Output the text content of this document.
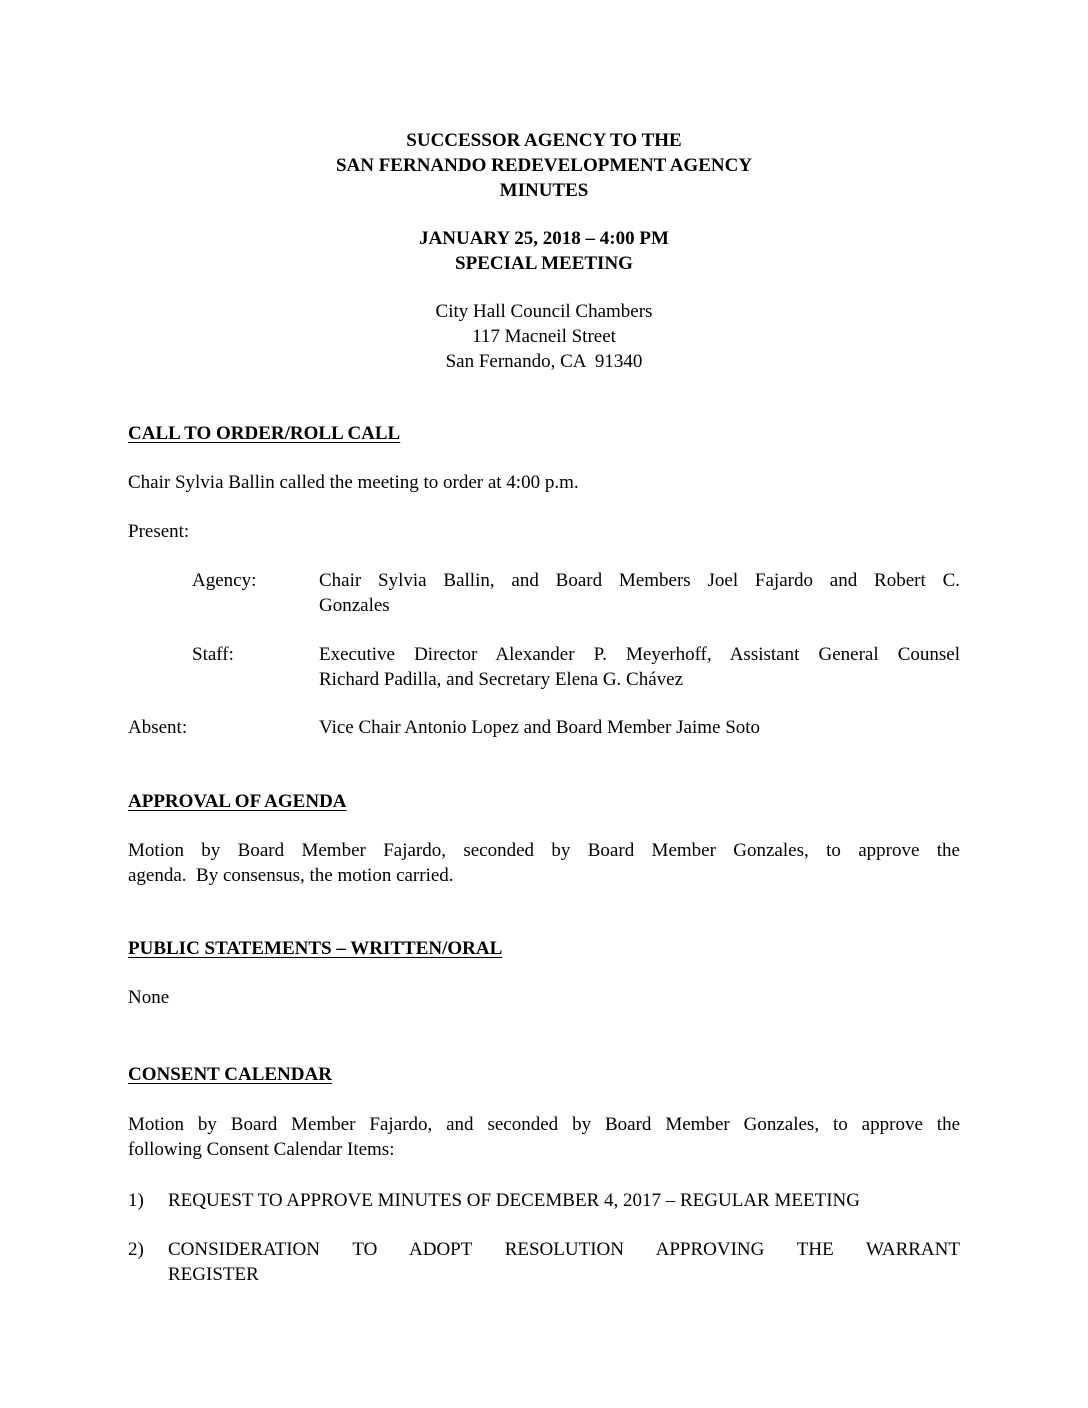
SUCCESSOR AGENCY TO THE
SAN FERNANDO REDEVELOPMENT AGENCY
MINUTES
JANUARY 25, 2018 – 4:00 PM
SPECIAL MEETING
City Hall Council Chambers
117 Macneil Street
San Fernando, CA  91340
CALL TO ORDER/ROLL CALL
Chair Sylvia Ballin called the meeting to order at 4:00 p.m.
Present:
Agency:	Chair Sylvia Ballin, and Board Members Joel Fajardo and Robert C.
Gonzales
Staff:	Executive Director Alexander P. Meyerhoff, Assistant General Counsel
Richard Padilla, and Secretary Elena G. Chávez
Absent:	Vice Chair Antonio Lopez and Board Member Jaime Soto
APPROVAL OF AGENDA
Motion by Board Member Fajardo, seconded by Board Member Gonzales, to approve the
agenda.  By consensus, the motion carried.
PUBLIC STATEMENTS – WRITTEN/ORAL
None
CONSENT CALENDAR
Motion by Board Member Fajardo, and seconded by Board Member Gonzales, to approve the
following Consent Calendar Items:
1) REQUEST TO APPROVE MINUTES OF DECEMBER 4, 2017 – REGULAR MEETING
2) CONSIDERATION TO ADOPT RESOLUTION APPROVING THE WARRANT
REGISTER
